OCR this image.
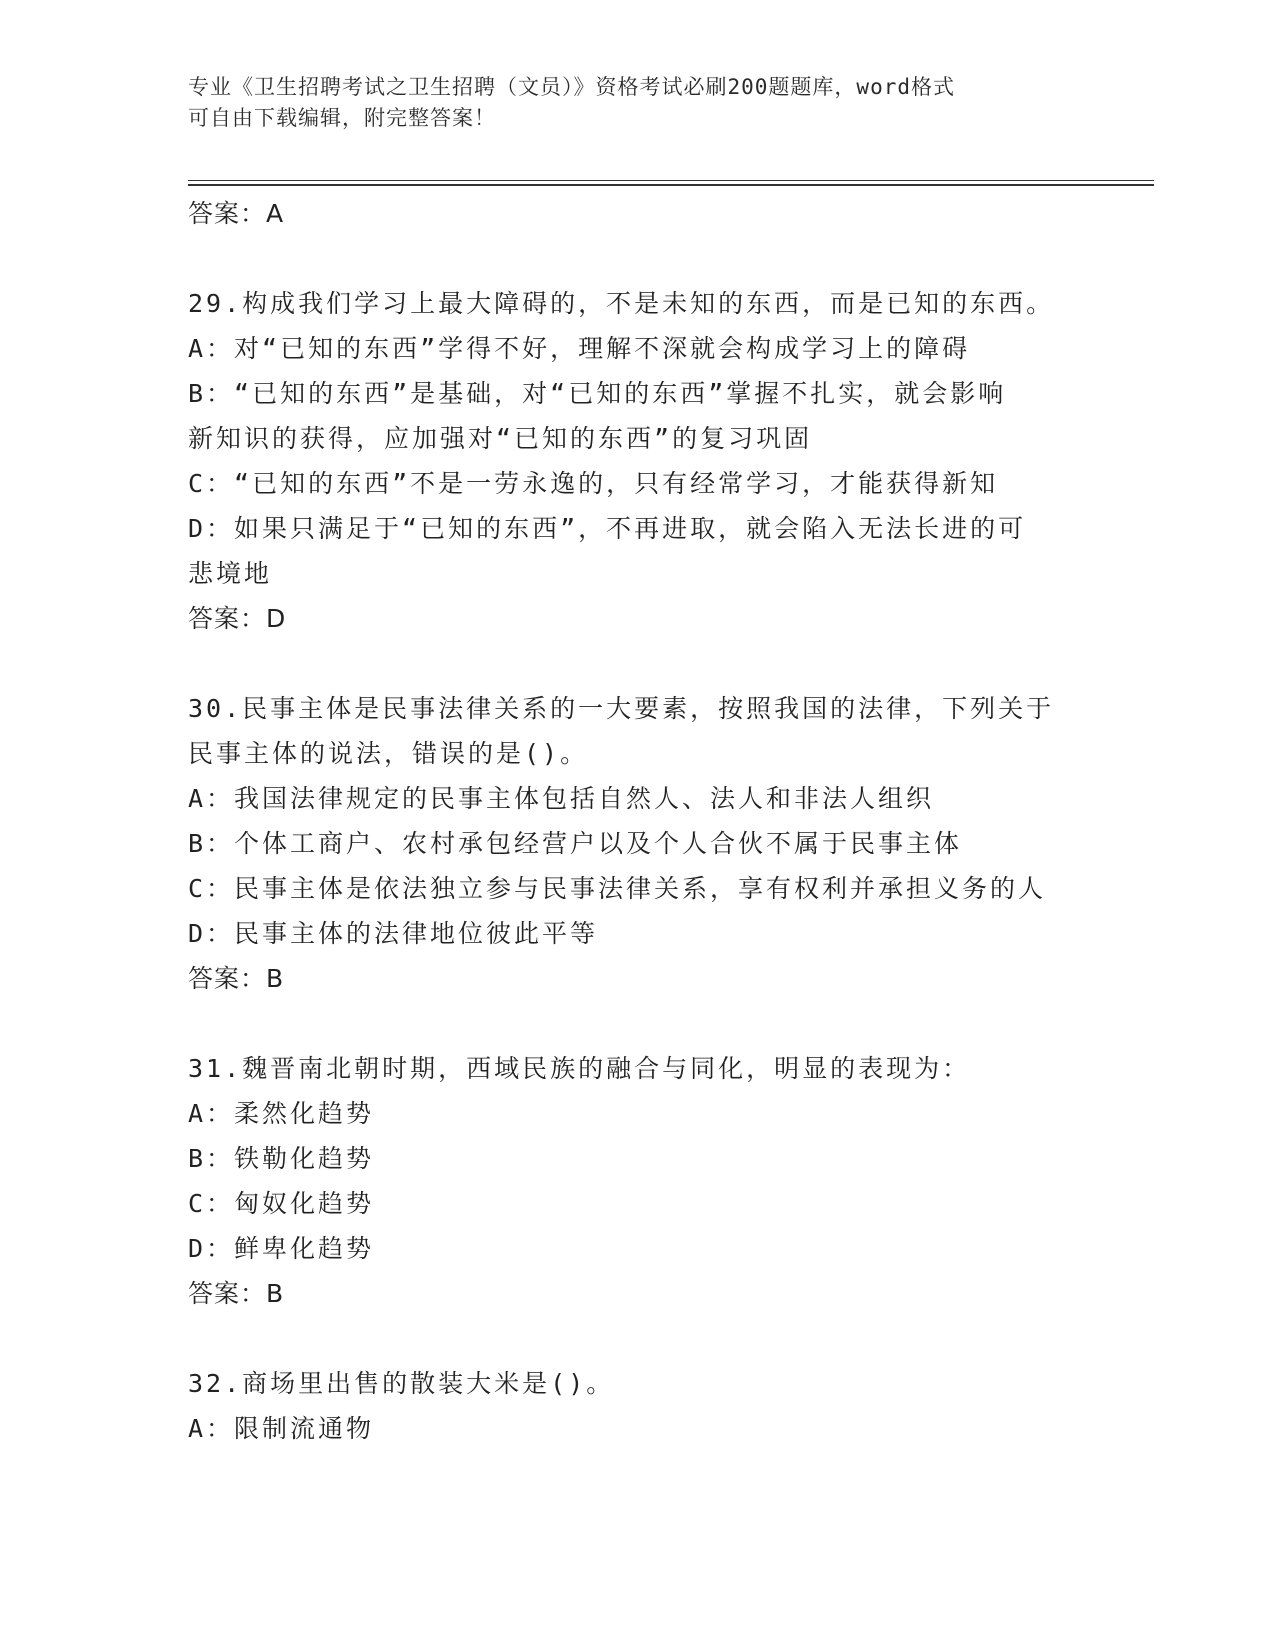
专业《卫生招聘考试之卫生招聘（文员）》资格考试必刷200题题库，word格式
可自由下载编辑，附完整答案！
答案：A
29.构成我们学习上最大障碍的，不是未知的东西，而是已知的东西。
A：对“已知的东西”学得不好，理解不深就会构成学习上的障碍
B：“已知的东西”是基础，对“已知的东西”掌握不扎实，就会影响
新知识的获得，应加强对“已知的东西”的复习巩固
C：“已知的东西”不是一劳永逸的，只有经常学习，才能获得新知
D：如果只满足于“已知的东西”，不再进取，就会陷入无法长进的可
悲境地
答案：D
30.民事主体是民事法律关系的一大要素，按照我国的法律，下列关于
民事主体的说法，错误的是()。
A：我国法律规定的民事主体包括自然人、法人和非法人组织
B：个体工商户、农村承包经营户以及个人合伙不属于民事主体
C：民事主体是依法独立参与民事法律关系，享有权利并承担义务的人
D：民事主体的法律地位彼此平等
答案：B
31.魏晋南北朝时期，西域民族的融合与同化，明显的表现为：
A：柔然化趋势
B：铁勒化趋势
C：匈奴化趋势
D：鲜卑化趋势
答案：B
32.商场里出售的散装大米是()。
A：限制流通物
